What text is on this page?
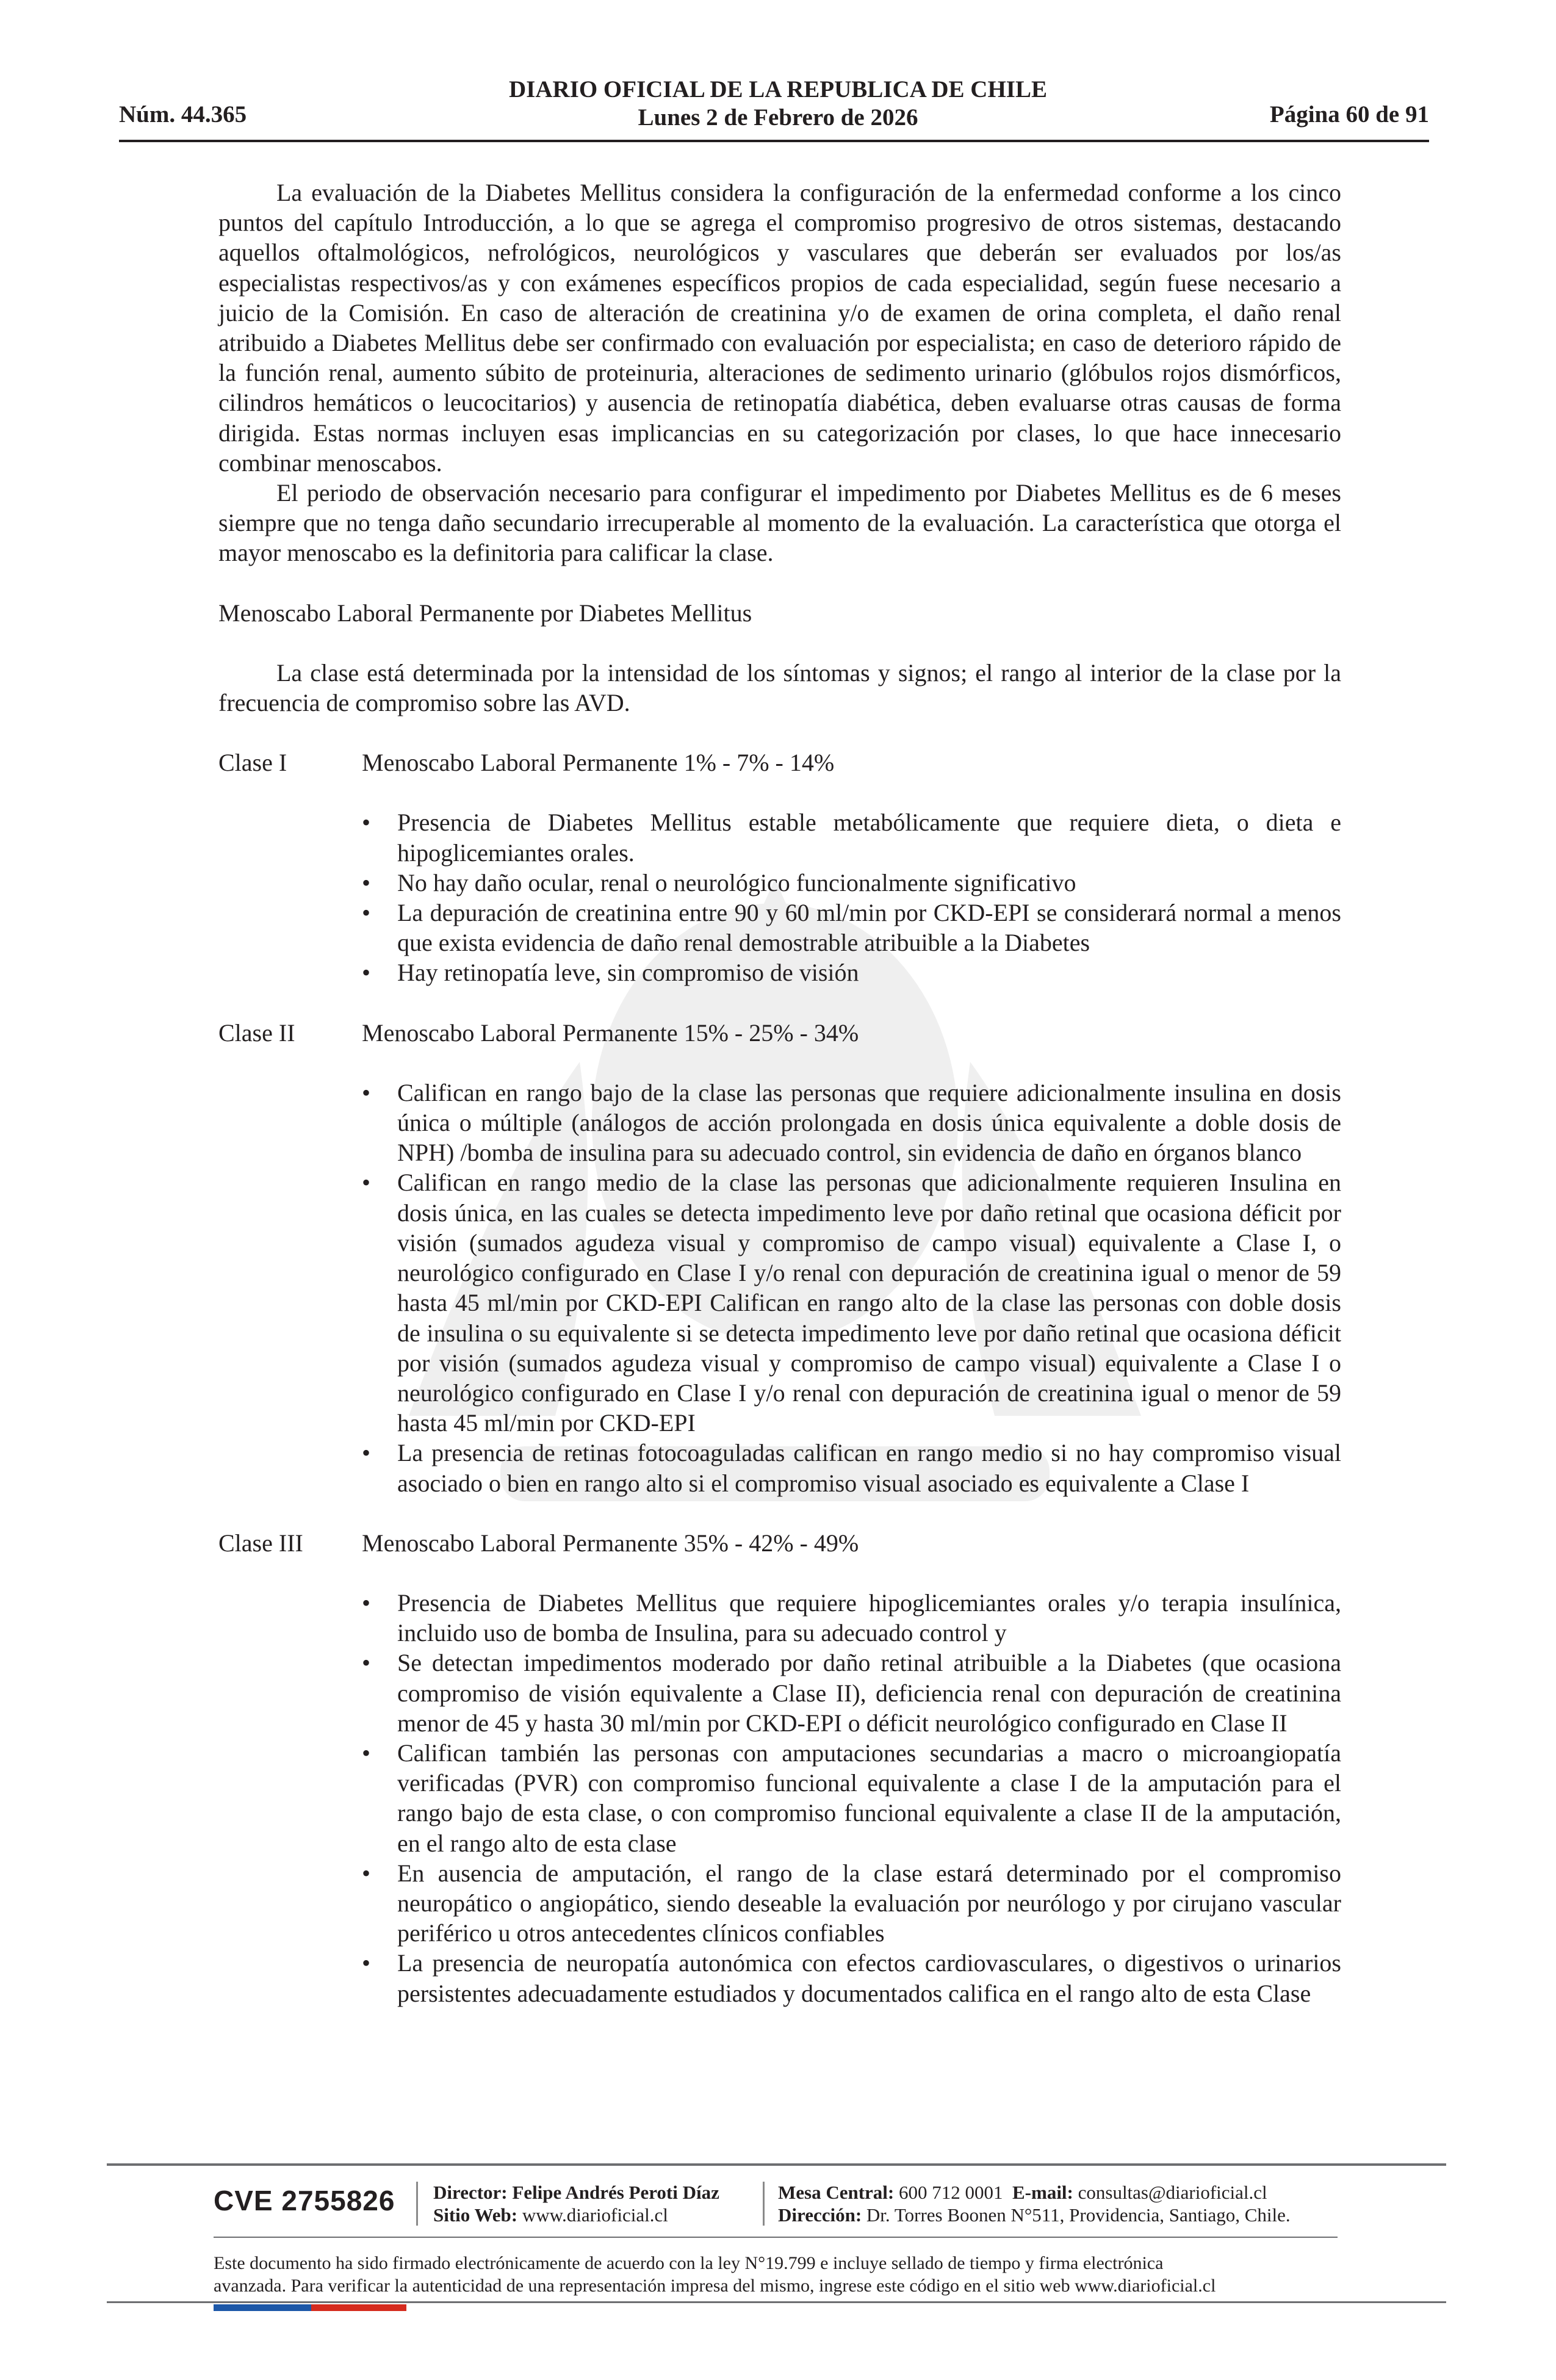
DIARIO OFICIAL DE LA REPUBLICA DE CHILE
Lunes 2 de Febrero de 2026
Núm. 44.365	Página 60 de 91

La evaluación de la Diabetes Mellitus considera la configuración de la enfermedad conforme a los cinco puntos del capítulo Introducción, a lo que se agrega el compromiso progresivo de otros sistemas, destacando aquellos oftalmológicos, nefrológicos, neurológicos y vasculares que deberán ser evaluados por los/as especialistas respectivos/as y con exámenes específicos propios de cada especialidad, según fuese necesario a juicio de la Comisión. En caso de alteración de creatinina y/o de examen de orina completa, el daño renal atribuido a Diabetes Mellitus debe ser confirmado con evaluación por especialista; en caso de deterioro rápido de la función renal, aumento súbito de proteinuria, alteraciones de sedimento urinario (glóbulos rojos dismórficos, cilindros hemáticos o leucocitarios) y ausencia de retinopatía diabética, deben evaluarse otras causas de forma dirigida. Estas normas incluyen esas implicancias en su categorización por clases, lo que hace innecesario combinar menoscabos.

El periodo de observación necesario para configurar el impedimento por Diabetes Mellitus es de 6 meses siempre que no tenga daño secundario irrecuperable al momento de la evaluación. La característica que otorga el mayor menoscabo es la definitoria para calificar la clase.

Menoscabo Laboral Permanente por Diabetes Mellitus

La clase está determinada por la intensidad de los síntomas y signos; el rango al interior de la clase por la frecuencia de compromiso sobre las AVD.

Clase I	Menoscabo Laboral Permanente 1% - 7% - 14%
• Presencia de Diabetes Mellitus estable metabólicamente que requiere dieta, o dieta e hipoglicemiantes orales.
• No hay daño ocular, renal o neurológico funcionalmente significativo
• La depuración de creatinina entre 90 y 60 ml/min por CKD-EPI se considerará normal a menos que exista evidencia de daño renal demostrable atribuible a la Diabetes
• Hay retinopatía leve, sin compromiso de visión
Clase II	Menoscabo Laboral Permanente 15% - 25% - 34%
• Califican en rango bajo de la clase las personas que requiere adicionalmente insulina en dosis única o múltiple (análogos de acción prolongada en dosis única equivalente a doble dosis de NPH) /bomba de insulina para su adecuado control, sin evidencia de daño en órganos blanco
• Califican en rango medio de la clase las personas que adicionalmente requieren Insulina en dosis única, en las cuales se detecta impedimento leve por daño retinal que ocasiona déficit por visión (sumados agudeza visual y compromiso de campo visual) equivalente a Clase I, o neurológico configurado en Clase I y/o renal con depuración de creatinina igual o menor de 59 hasta 45 ml/min por CKD-EPI Califican en rango alto de la clase las personas con doble dosis de insulina o su equivalente si se detecta impedimento leve por daño retinal que ocasiona déficit por visión (sumados agudeza visual y compromiso de campo visual) equivalente a Clase I o neurológico configurado en Clase I y/o renal con depuración de creatinina igual o menor de 59 hasta 45 ml/min por CKD-EPI
• La presencia de retinas fotocoaguladas califican en rango medio si no hay compromiso visual asociado o bien en rango alto si el compromiso visual asociado es equivalente a Clase I
Clase III	Menoscabo Laboral Permanente 35% - 42% - 49%
• Presencia de Diabetes Mellitus que requiere hipoglicemiantes orales y/o terapia insulínica, incluido uso de bomba de Insulina, para su adecuado control y
• Se detectan impedimentos moderado por daño retinal atribuible a la Diabetes (que ocasiona compromiso de visión equivalente a Clase II), deficiencia renal con depuración de creatinina menor de 45 y hasta 30 ml/min por CKD-EPI o déficit neurológico configurado en Clase II
• Califican también las personas con amputaciones secundarias a macro o microangiopatía verificadas (PVR) con compromiso funcional equivalente a clase I de la amputación para el rango bajo de esta clase, o con compromiso funcional equivalente a clase II de la amputación, en el rango alto de esta clase
• En ausencia de amputación, el rango de la clase estará determinado por el compromiso neuropático o angiopático, siendo deseable la evaluación por neurólogo y por cirujano vascular periférico u otros antecedentes clínicos confiables
• La presencia de neuropatía autonómica con efectos cardiovasculares, o digestivos o urinarios persistentes adecuadamente estudiados y documentados califica en el rango alto de esta Clase
CVE 2755826 Director: Felipe Andrés Peroti Díaz
Sitio Web: www.diarioficial.cl
Mesa Central: 600 712 0001 E-mail: consultas@diarioficial.cl
Dirección: Dr. Torres Boonen N°511, Providencia, Santiago, Chile.
Este documento ha sido firmado electrónicamente de acuerdo con la ley N°19.799 e incluye sellado de tiempo y firma electrónica
avanzada. Para verificar la autenticidad de una representación impresa del mismo, ingrese este código en el sitio web www.diarioficial.cl
